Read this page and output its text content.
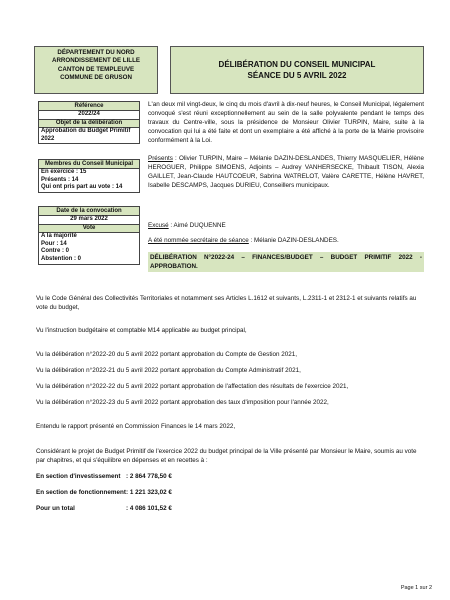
DÉPARTEMENT DU NORD
ARRONDISSEMENT DE LILLE
CANTON DE TEMPLEUVE
COMMUNE DE GRUSON
DÉLIBÉRATION DU CONSEIL MUNICIPAL
SÉANCE DU 5 AVRIL 2022
Référence
2022/24
Objet de la délibération
Approbation du Budget Primitif 2022
Membres du Conseil Municipal
En exercice : 15
Présents : 14
Qui ont pris part au vote : 14
Date de la convocation
29 mars 2022
Vote
A la majorité
Pour : 14
Contre : 0
Abstention : 0
L'an deux mil vingt-deux, le cinq du mois d'avril à dix-neuf heures, le Conseil Municipal, légalement convoqué s'est réuni exceptionnellement au sein de la salle polyvalente pendant le temps des travaux du Centre-ville, sous la présidence de Monsieur Olivier TURPIN, Maire, suite à la convocation qui lui a été faite et dont un exemplaire a été affiché à la porte de la Mairie provisoire conformément à la Loi.
Présents : Olivier TURPIN, Maire – Mélanie DAZIN-DESLANDES, Thierry MASQUELIER, Hélène HEROGUER, Philippe SIMOENS, Adjoints – Audrey VANHERSECKE, Thibault TISON, Alexia GAILLET, Jean-Claude HAUTCOEUR, Sabrina WATRELOT, Valère CARETTE, Hélène HAVRET, Isabelle DESCAMPS, Jacques DURIEU, Conseillers municipaux.
Excusé : Aimé DUQUENNE
A été nommée secrétaire de séance : Mélanie DAZIN-DESLANDES.
DÉLIBÉRATION N°2022-24 – FINANCES/BUDGET – BUDGET PRIMITIF 2022 - APPROBATION.
Vu le Code Général des Collectivités Territoriales et notamment ses Articles L.1612 et suivants, L.2311-1 et 2312-1 et suivants relatifs au vote du budget,
Vu l'instruction budgétaire et comptable M14 applicable au budget principal,
Vu la délibération n°2022-20 du 5 avril 2022 portant approbation du Compte de Gestion 2021,
Vu la délibération n°2022-21 du 5 avril 2022 portant approbation du Compte Administratif 2021,
Vu la délibération n°2022-22 du 5 avril 2022 portant approbation de l'affectation des résultats de l'exercice 2021,
Vu la délibération n°2022-23 du 5 avril 2022 portant approbation des taux d'imposition pour l'année 2022,
Entendu le rapport présenté en Commission Finances le 14 mars 2022,
Considérant le projet de Budget Primitif de l'exercice 2022 du budget principal de la Ville présenté par Monsieur le Maire, soumis au vote par chapitres, et qui s'équilibre en dépenses et en recettes à :
En section d'investissement : 2 864 778,50 €
En section de fonctionnement: 1 221 323,02 €
Pour un total	: 4 086 101,52 €
Page 1 sur 2
